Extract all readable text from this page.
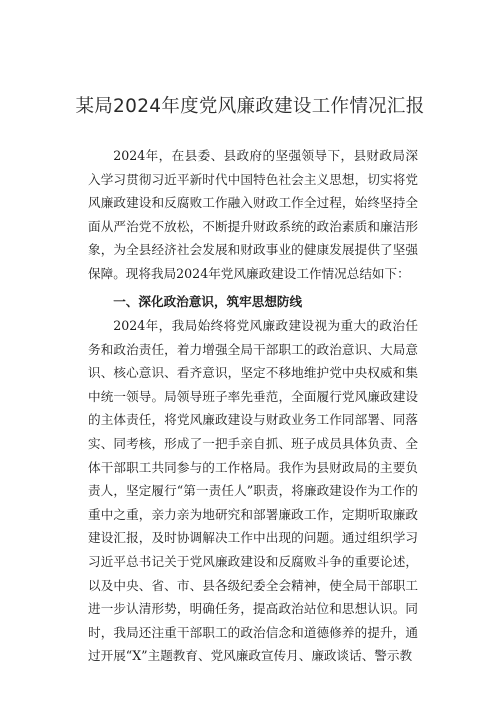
某局2024年度党风廉政建设工作情况汇报

2024年，在县委、县政府的坚强领导下，县财政局深入学习贯彻习近平新时代中国特色社会主义思想，切实将党风廉政建设和反腐败工作融入财政工作全过程，始终坚持全面从严治党不放松，不断提升财政系统的政治素质和廉洁形象，为全县经济社会发展和财政事业的健康发展提供了坚强保障。现将我局2024年党风廉政建设工作情况总结如下：

一、深化政治意识，筑牢思想防线

2024年，我局始终将党风廉政建设视为重大的政治任务和政治责任，着力增强全局干部职工的政治意识、大局意识、核心意识、看齐意识，坚定不移地维护党中央权威和集中统一领导。局领导班子率先垂范，全面履行党风廉政建设的主体责任，将党风廉政建设与财政业务工作同部署、同落实、同考核，形成了一把手亲自抓、班子成员具体负责、全体干部职工共同参与的工作格局。我作为县财政局的主要负责人，坚定履行“第一责任人”职责，将廉政建设作为工作的重中之重，亲力亲为地研究和部署廉政工作，定期听取廉政建设汇报，及时协调解决工作中出现的问题。通过组织学习习近平总书记关于党风廉政建设和反腐败斗争的重要论述，以及中央、省、市、县各级纪委全会精神，使全局干部职工进一步认清形势，明确任务，提高政治站位和思想认识。同时，我局还注重干部职工的政治信念和道德修养的提升，通过开展“X”主题教育、党风廉政宣传月、廉政谈话、警示教
